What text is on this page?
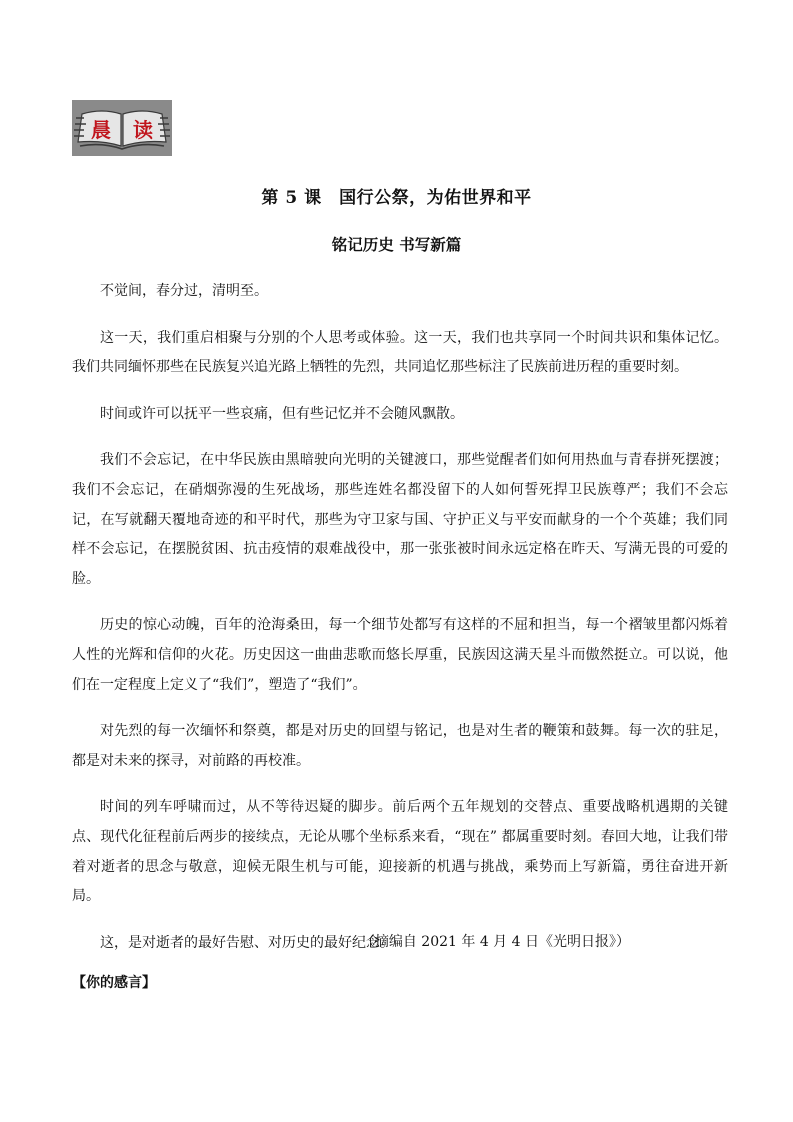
晨 读
第 5 课　国行公祭，为佑世界和平
铭记历史 书写新篇

不觉间，春分过，清明至。

这一天，我们重启相聚与分别的个人思考或体验。这一天，我们也共享同一个时间共识和集体记忆。我们共同缅怀那些在民族复兴追光路上牺牲的先烈，共同追忆那些标注了民族前进历程的重要时刻。

时间或许可以抚平一些哀痛，但有些记忆并不会随风飘散。

我们不会忘记，在中华民族由黑暗驶向光明的关键渡口，那些觉醒者们如何用热血与青春拼死摆渡；我们不会忘记，在硝烟弥漫的生死战场，那些连姓名都没留下的人如何誓死捍卫民族尊严；我们不会忘记，在写就翻天覆地奇迹的和平时代，那些为守卫家与国、守护正义与平安而献身的一个个英雄；我们同样不会忘记，在摆脱贫困、抗击疫情的艰难战役中，那一张张被时间永远定格在昨天、写满无畏的可爱的脸。

历史的惊心动魄，百年的沧海桑田，每一个细节处都写有这样的不屈和担当，每一个褶皱里都闪烁着人性的光辉和信仰的火花。历史因这一曲曲悲歌而悠长厚重，民族因这满天星斗而傲然挺立。可以说，他们在一定程度上定义了“我们”，塑造了“我们”。

对先烈的每一次缅怀和祭奠，都是对历史的回望与铭记，也是对生者的鞭策和鼓舞。每一次的驻足，都是对未来的探寻，对前路的再校准。

时间的列车呼啸而过，从不等待迟疑的脚步。前后两个五年规划的交替点、重要战略机遇期的关键点、现代化征程前后两步的接续点，无论从哪个坐标系来看，“现在” 都属重要时刻。春回大地，让我们带着对逝者的思念与敬意，迎候无限生机与可能，迎接新的机遇与挑战，乘势而上写新篇，勇往奋进开新局。

这，是对逝者的最好告慰、对历史的最好纪念。

（摘编自 2021 年 4 月 4 日《光明日报》）
【你的感言】
